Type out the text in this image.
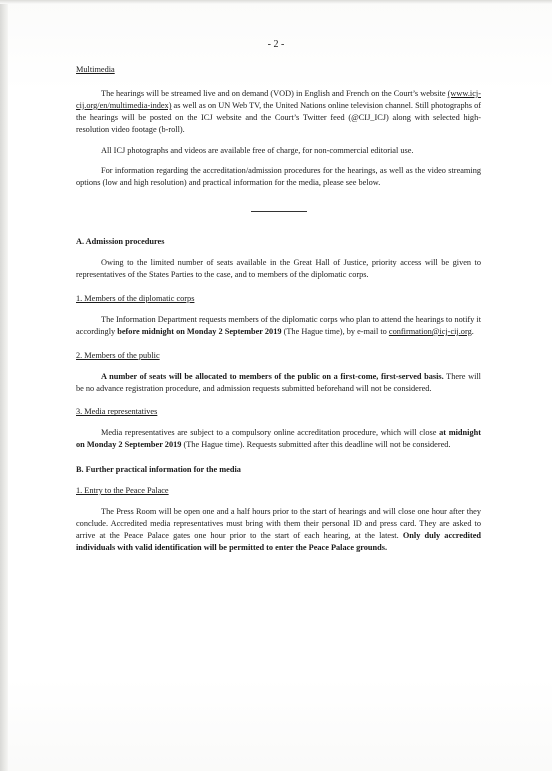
- 2 -
Multimedia

The hearings will be streamed live and on demand (VOD) in English and French on the Court’s website (www.icj-cij.org/en/multimedia-index) as well as on UN Web TV, the United Nations online television channel. Still photographs of the hearings will be posted on the ICJ website and the Court’s Twitter feed (@CIJ_ICJ) along with selected high-resolution video footage (b-roll).

All ICJ photographs and videos are available free of charge, for non-commercial editorial use.

For information regarding the accreditation/admission procedures for the hearings, as well as the video streaming options (low and high resolution) and practical information for the media, please see below.

A. Admission procedures

Owing to the limited number of seats available in the Great Hall of Justice, priority access will be given to representatives of the States Parties to the case, and to members of the diplomatic corps.

1. Members of the diplomatic corps

The Information Department requests members of the diplomatic corps who plan to attend the hearings to notify it accordingly before midnight on Monday 2 September 2019 (The Hague time), by e-mail to confirmation@icj-cij.org.

2. Members of the public

A number of seats will be allocated to members of the public on a first-come, first-served basis. There will be no advance registration procedure, and admission requests submitted beforehand will not be considered.

3. Media representatives

Media representatives are subject to a compulsory online accreditation procedure, which will close at midnight on Monday 2 September 2019 (The Hague time). Requests submitted after this deadline will not be considered.

B. Further practical information for the media
1. Entry to the Peace Palace

The Press Room will be open one and a half hours prior to the start of hearings and will close one hour after they conclude. Accredited media representatives must bring with them their personal ID and press card. They are asked to arrive at the Peace Palace gates one hour prior to the start of each hearing, at the latest. Only duly accredited individuals with valid identification will be permitted to enter the Peace Palace grounds.
